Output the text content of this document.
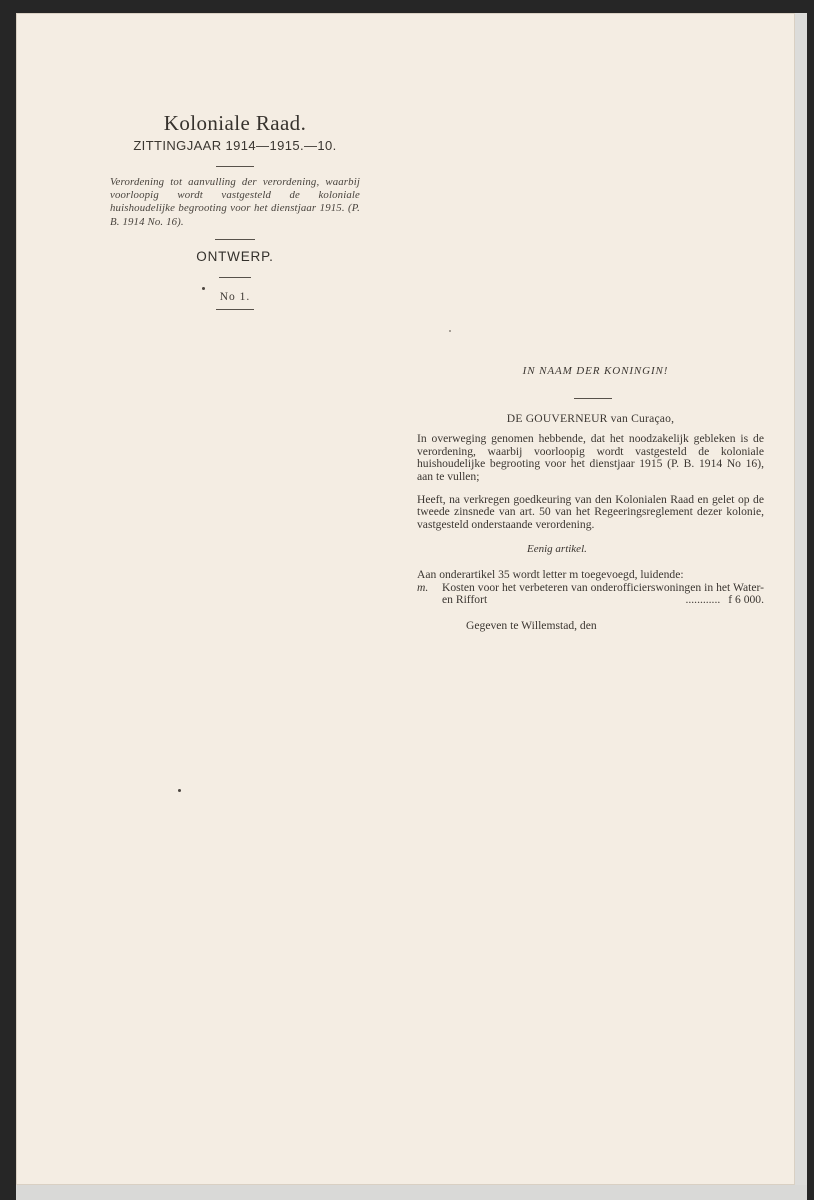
Koloniale Raad.
ZITTINGJAAR 1914—1915.—10.
Verordening tot aanvulling der verordening, waarbij voorloopig wordt vastgesteld de koloniale huishoudelijke begrooting voor het dienstjaar 1915. (P. B. 1914 No. 16).
ONTWERP.
No 1.
IN NAAM DER KONINGIN!
DE GOUVERNEUR van Curaçao,
In overweging genomen hebbende, dat het noodzakelijk gebleken is de verordening, waarbij voorloopig wordt vastgesteld de koloniale huishoudelijke begrooting voor het dienstjaar 1915 (P. B. 1914 No 16), aan te vullen;
Heeft, na verkregen goedkeuring van den Kolonialen Raad en gelet op de tweede zinsnede van art. 50 van het Regeeringsreglement dezer kolonie, vastgesteld onderstaande verordening.
Eenig artikel.
Aan onderartikel 35 wordt letter m toegevoegd, luidende:
m.	Kosten voor het verbeteren van onderofficierswoningen in het Water- en Riffort	............ f 6 000.
Gegeven te Willemstad, den
